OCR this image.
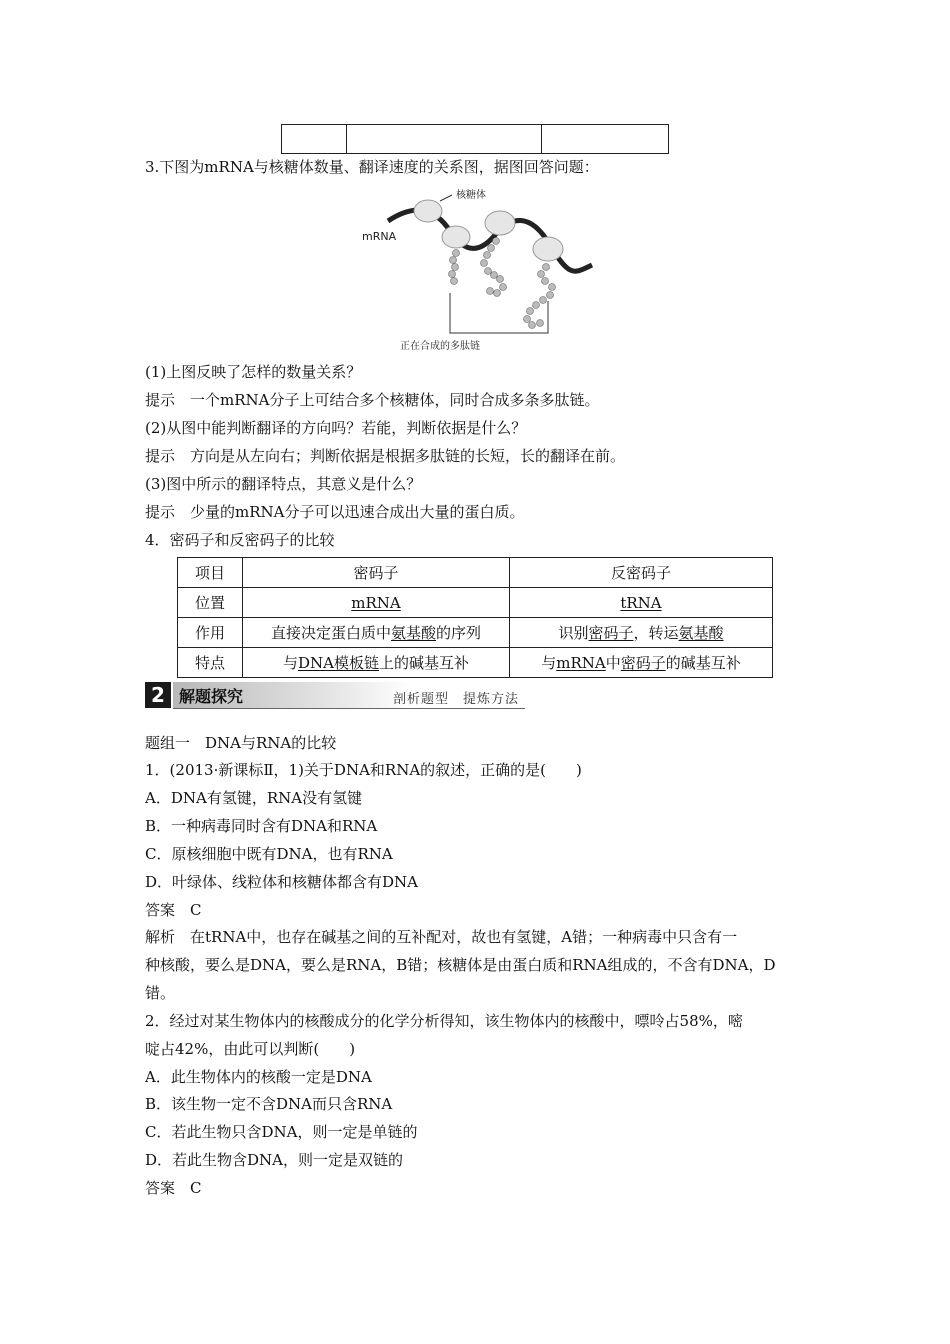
3.下图为mRNA与核糖体数量、翻译速度的关系图，据图回答问题：
核糖体
mRNA
正在合成的多肽链
(1)上图反映了怎样的数量关系？
提示　一个mRNA分子上可结合多个核糖体，同时合成多条多肽链。
(2)从图中能判断翻译的方向吗？若能，判断依据是什么？
提示　方向是从左向右；判断依据是根据多肽链的长短，长的翻译在前。
(3)图中所示的翻译特点，其意义是什么？
提示　少量的mRNA分子可以迅速合成出大量的蛋白质。
4．密码子和反密码子的比较
项目	密码子	反密码子
位置	mRNA	tRNA
作用	直接决定蛋白质中氨基酸的序列	识别密码子，转运氨基酸
特点	与DNA模板链上的碱基互补	与mRNA中密码子的碱基互补
2 解题探究	剖析题型　提炼方法
题组一　DNA与RNA的比较
1．(2013·新课标Ⅱ，1)关于DNA和RNA的叙述，正确的是(　　)
A．DNA有氢键，RNA没有氢键
B．一种病毒同时含有DNA和RNA
C．原核细胞中既有DNA，也有RNA
D．叶绿体、线粒体和核糖体都含有DNA
答案　C
解析　在tRNA中，也存在碱基之间的互补配对，故也有氢键，A错；一种病毒中只含有一
种核酸，要么是DNA，要么是RNA，B错；核糖体是由蛋白质和RNA组成的，不含有DNA，D
错。
2．经过对某生物体内的核酸成分的化学分析得知，该生物体内的核酸中，嘌呤占58%，嘧
啶占42%，由此可以判断(　　)
A．此生物体内的核酸一定是DNA
B．该生物一定不含DNA而只含RNA
C．若此生物只含DNA，则一定是单链的
D．若此生物含DNA，则一定是双链的
答案　C
